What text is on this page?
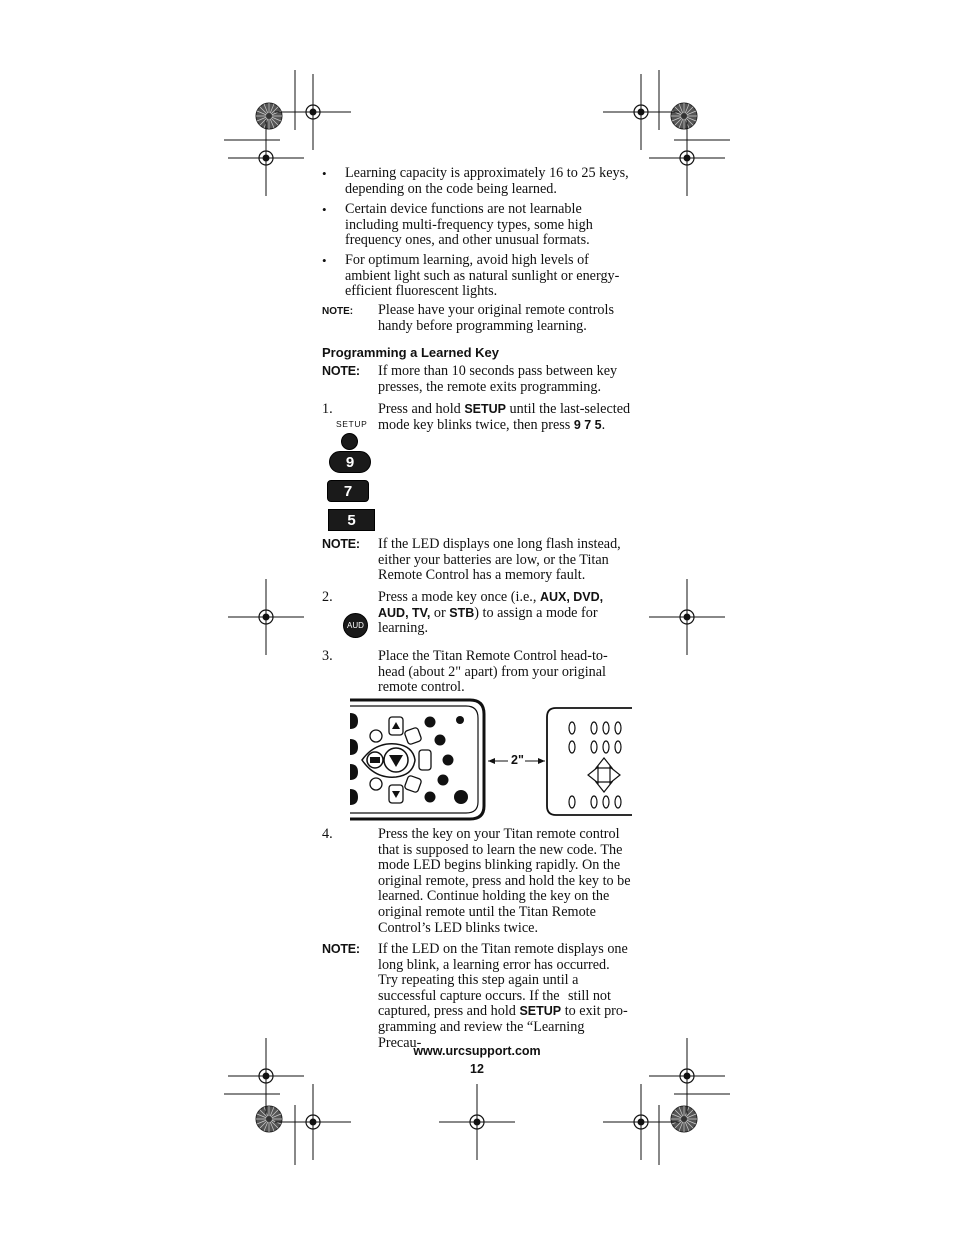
• Learning capacity is approximately 16 to 25 keys, depending on the code being learned.
• Certain device functions are not learnable including multi-frequency types, some high frequency ones, and other unusual formats.
• For optimum learning, avoid high levels of ambient light such as natural sunlight or energy-efficient fluorescent lights.
NOTE: Please have your original remote controls handy before programming learning.
Programming a Learned Key
NOTE: If more than 10 seconds pass between key presses, the remote exits programming.
1.	Press and hold SETUP until the last-selected mode key blinks twice, then press 9 7 5.
SETUP
9
7
5
NOTE: If the LED displays one long flash instead, either your batteries are low, or the Titan Remote Control has a memory fault.
2.	Press a mode key once (i.e., AUX, DVD, AUD, TV, or STB) to assign a mode for learning.
AUD
3.	Place the Titan Remote Control head-to-head (about 2" apart) from your original remote control.
2"
4.	Press the key on your Titan remote control that is supposed to learn the new code. The mode LED begins blinking rapidly. On the original remote, press and hold the key to be learned. Continue holding the key on the original remote until the Titan Remote Control’s LED blinks twice.
NOTE: If the LED on the Titan remote displays one long blink, a learning error has occurred. Try repeating this step again until a successful capture occurs. If the still not

captured, press and hold SETUP to exit pro-gramming and review the “Learning Precau-
www.urcsupport.com
12
